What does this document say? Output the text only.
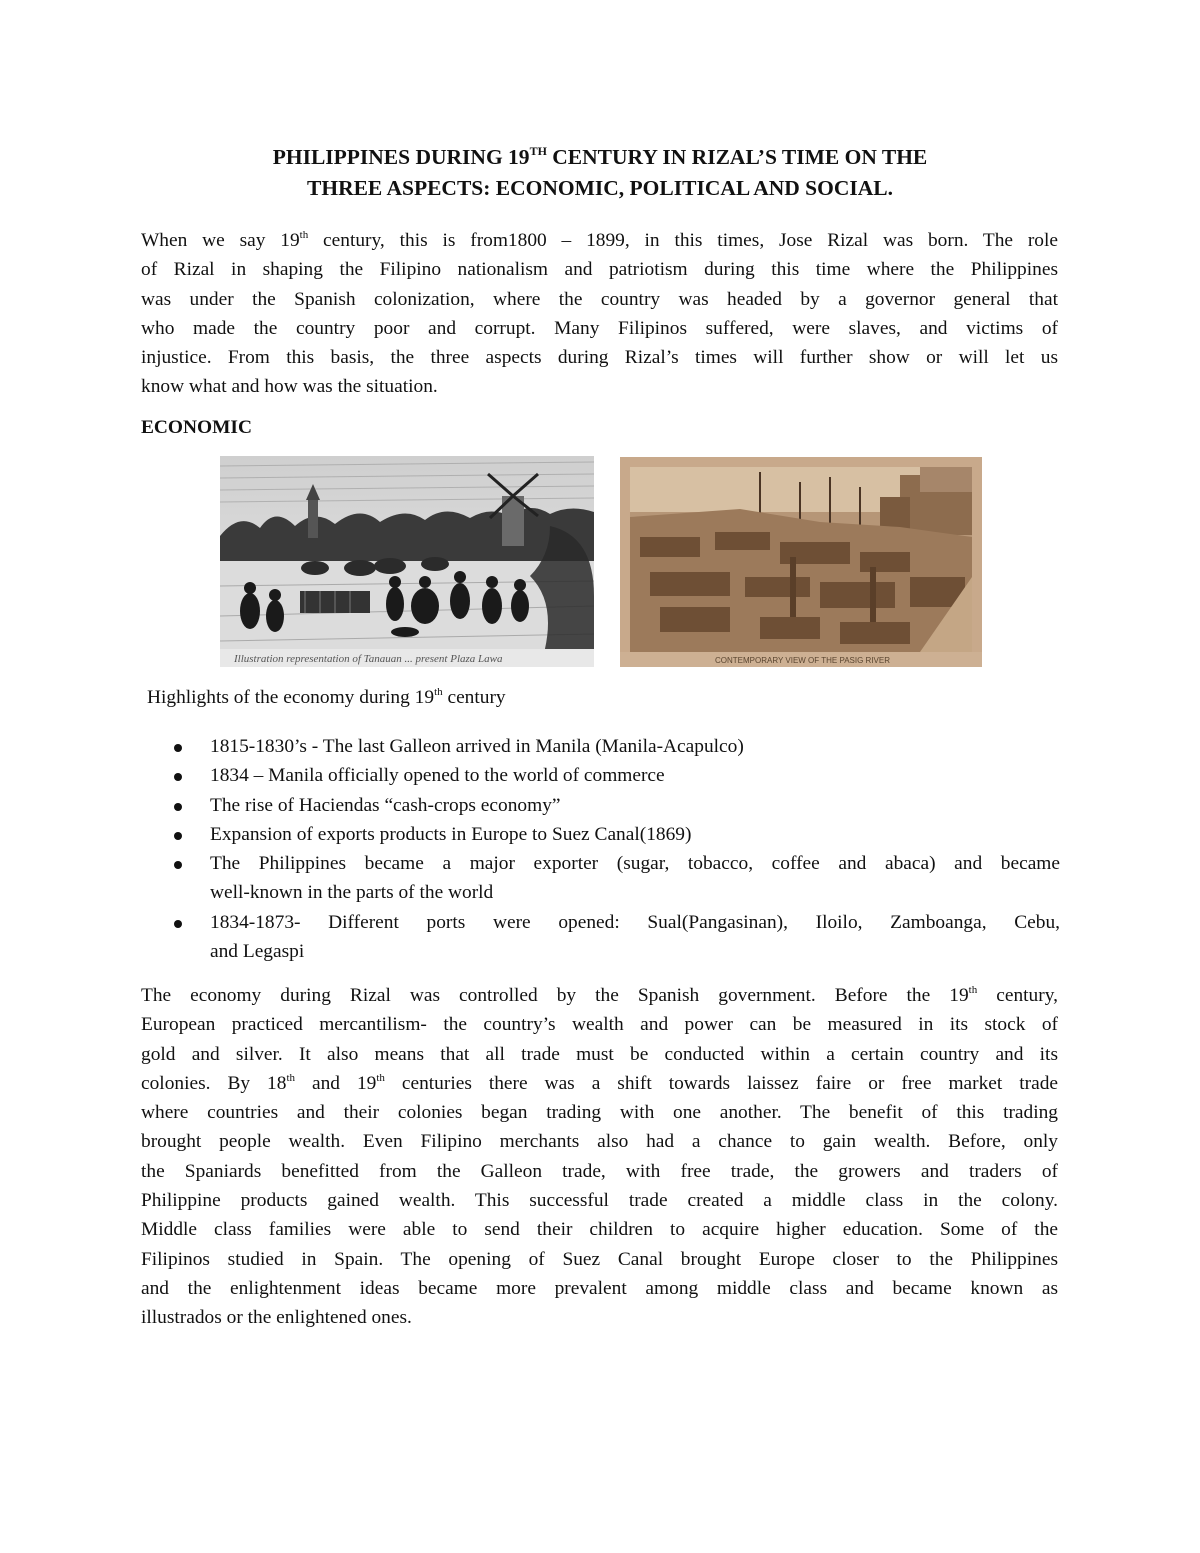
PHILIPPINES DURING 19TH CENTURY IN RIZAL’S TIME ON THE
THREE ASPECTS: ECONOMIC, POLITICAL AND SOCIAL.
When we say 19th century, this is from1800 – 1899, in this times, Jose Rizal was born. The role
of Rizal in shaping the Filipino nationalism and patriotism during this time where the Philippines
was under the Spanish colonization, where the country was headed by a governor general that
who made the country poor and corrupt. Many Filipinos suffered, were slaves, and victims of
injustice. From this basis, the three aspects during Rizal’s times will further show or will let us
know what and how was the situation.
ECONOMIC
Illustration representation of Tanauan ... present Plaza Lawa	CONTEMPORARY VIEW OF THE PASIG RIVER
Highlights of the economy during 19th century
1815-1830’s - The last Galleon arrived in Manila (Manila-Acapulco)
1834 – Manila officially opened to the world of commerce
The rise of Haciendas “cash-crops economy”
Expansion of exports products in Europe to Suez Canal(1869)
The Philippines became a major exporter (sugar, tobacco, coffee and abaca) and became
well-known in the parts of the world
1834-1873- Different ports were opened: Sual(Pangasinan), Iloilo, Zamboanga, Cebu,
and Legaspi
The economy during Rizal was controlled by the Spanish government. Before the 19th century,
European practiced mercantilism- the country’s wealth and power can be measured in its stock of
gold and silver. It also means that all trade must be conducted within a certain country and its
colonies. By 18th and 19th centuries there was a shift towards laissez faire or free market trade
where countries and their colonies began trading with one another. The benefit of this trading
brought people wealth. Even Filipino merchants also had a chance to gain wealth. Before, only
the Spaniards benefitted from the Galleon trade, with free trade, the growers and traders of
Philippine products gained wealth. This successful trade created a middle class in the colony.
Middle class families were able to send their children to acquire higher education. Some of the
Filipinos studied in Spain. The opening of Suez Canal brought Europe closer to the Philippines
and the enlightenment ideas became more prevalent among middle class and became known as
illustrados or the enlightened ones.
